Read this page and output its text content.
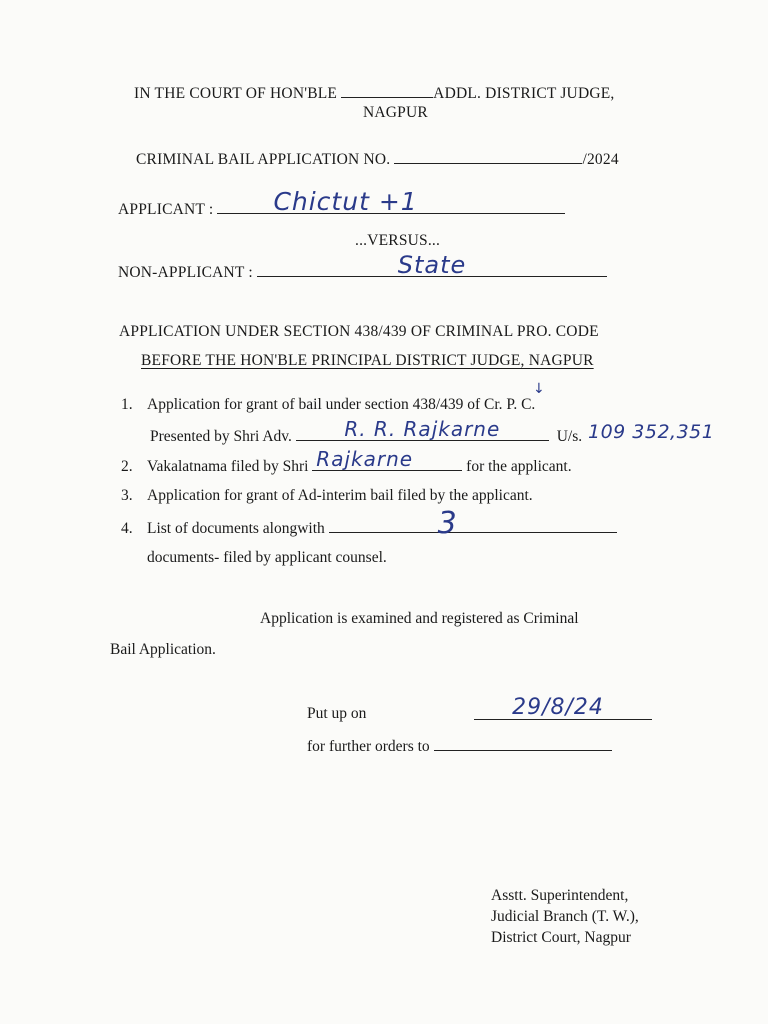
IN THE COURT OF HON'BLE	ADDL. DISTRICT JUDGE,
NAGPUR
CRIMINAL BAIL APPLICATION NO.	/2024
APPLICANT :	Chictut +1
...VERSUS...
NON-APPLICANT :	State
APPLICATION UNDER SECTION 438/439 OF CRIMINAL PRO. CODE
BEFORE THE HON'BLE PRINCIPAL DISTRICT JUDGE, NAGPUR
1. Application for grant of bail under section 438/439 of Cr. P. C.
↓
Presented by Shri Adv.	R. R. Rajkarne	U/s. 109 352,351
2. Vakalatnama filed by Shri Rajkarne	for the applicant.
3. Application for grant of Ad-interim bail filed by the applicant.
4. List of documents alongwith	3
documents- filed by applicant counsel.
Application is examined and registered as Criminal
Bail Application.
Put up on	29/8/24
for further orders to
Asstt. Superintendent,
Judicial Branch (T. W.),
District Court, Nagpur
